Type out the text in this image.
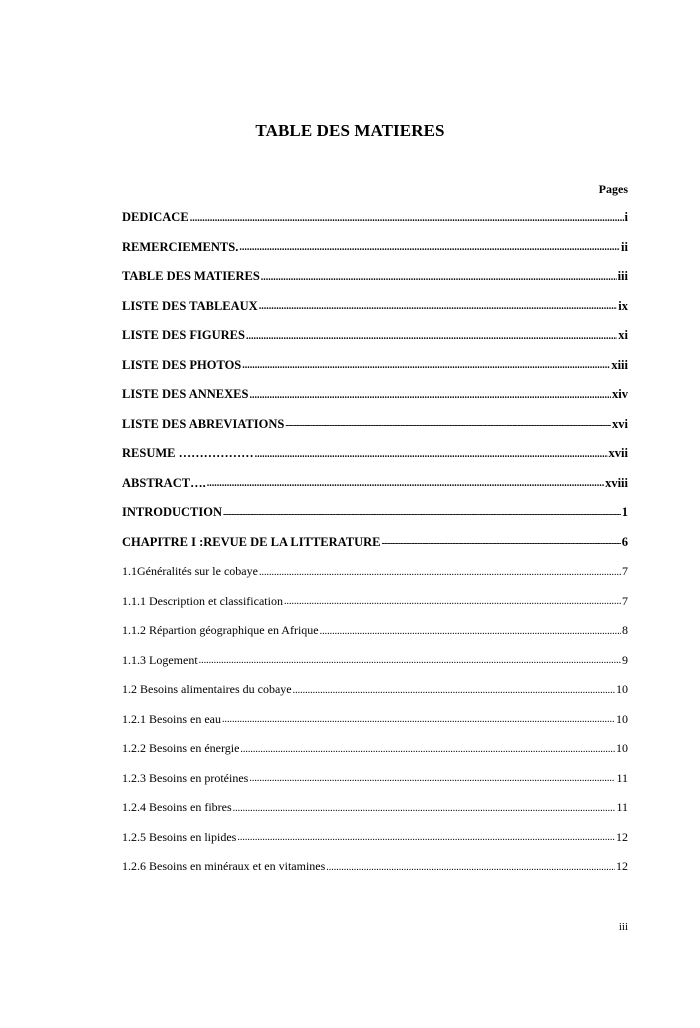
TABLE DES MATIERES
Pages
DEDICACE .....	i
REMERCIEMENTS. .....	ii
TABLE DES MATIERES .....	iii
LISTE DES TABLEAUX .....	ix
LISTE DES FIGURES .....	xi
LISTE DES PHOTOS .....	xiii
LISTE DES ANNEXES .....	xiv
LISTE DES ABREVIATIONS -----	xvi
RESUME ……………… .....	xvii
ABSTRACT…. .....	xviii
INTRODUCTION -----	1
CHAPITRE I :REVUE DE LA LITTERATURE -----	6
1.1Généralités sur le cobaye .....	7
1.1.1 Description et classification .....	7
1.1.2 Répartion géographique en Afrique .....	8
1.1.3 Logement .....	9
1.2 Besoins alimentaires du cobaye .....	10
1.2.1 Besoins en eau .....	10
1.2.2 Besoins en énergie .....	10
1.2.3 Besoins en protéines .....	11
1.2.4 Besoins en fibres .....	11
1.2.5 Besoins en lipides .....	12
1.2.6 Besoins en minéraux et en vitamines .....	12
iii
